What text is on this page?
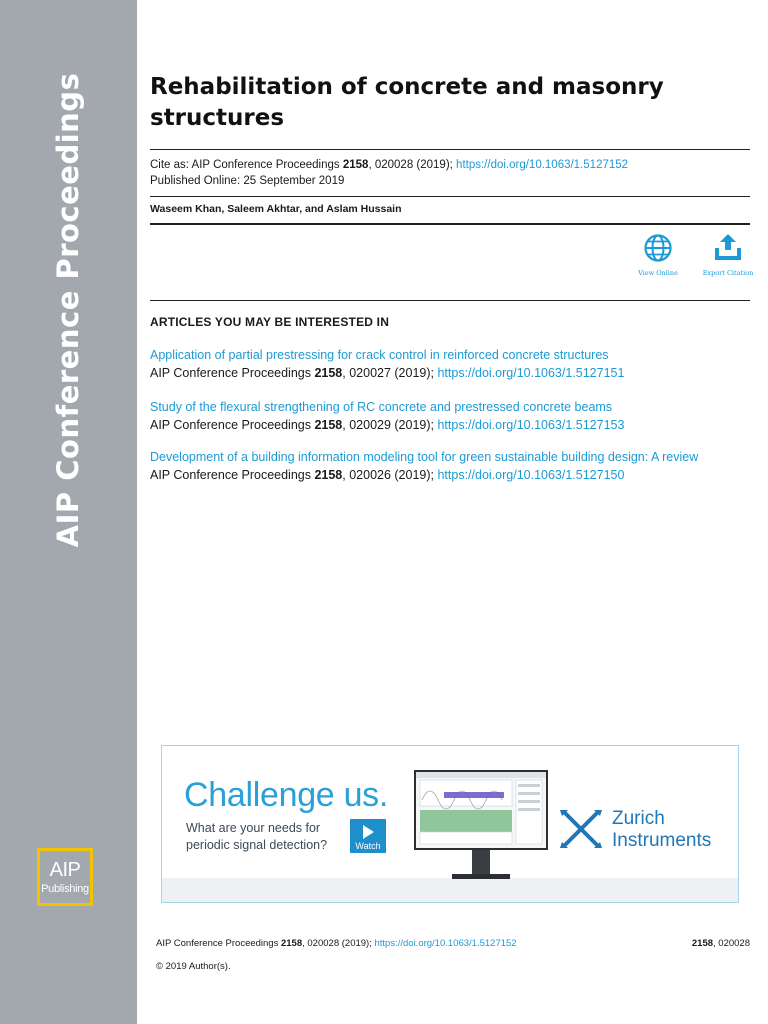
AIP Conference Proceedings
AIP
Publishing
Rehabilitation of concrete and masonry structures
Cite as: AIP Conference Proceedings 2158, 020028 (2019); https://doi.org/10.1063/1.5127152
Published Online: 25 September 2019
Waseem Khan, Saleem Akhtar, and Aslam Hussain
View Online	Export Citation
ARTICLES YOU MAY BE INTERESTED IN
Application of partial prestressing for crack control in reinforced concrete structures
AIP Conference Proceedings 2158, 020027 (2019); https://doi.org/10.1063/1.5127151
Study of the flexural strengthening of RC concrete and prestressed concrete beams
AIP Conference Proceedings 2158, 020029 (2019); https://doi.org/10.1063/1.5127153
Development of a building information modeling tool for green sustainable building design: A review
AIP Conference Proceedings 2158, 020026 (2019); https://doi.org/10.1063/1.5127150
Challenge us.
What are your needs for
periodic signal detection?	Watch
Zurich
Instruments
AIP Conference Proceedings 2158, 020028 (2019); https://doi.org/10.1063/1.5127152	2158, 020028
© 2019 Author(s).
